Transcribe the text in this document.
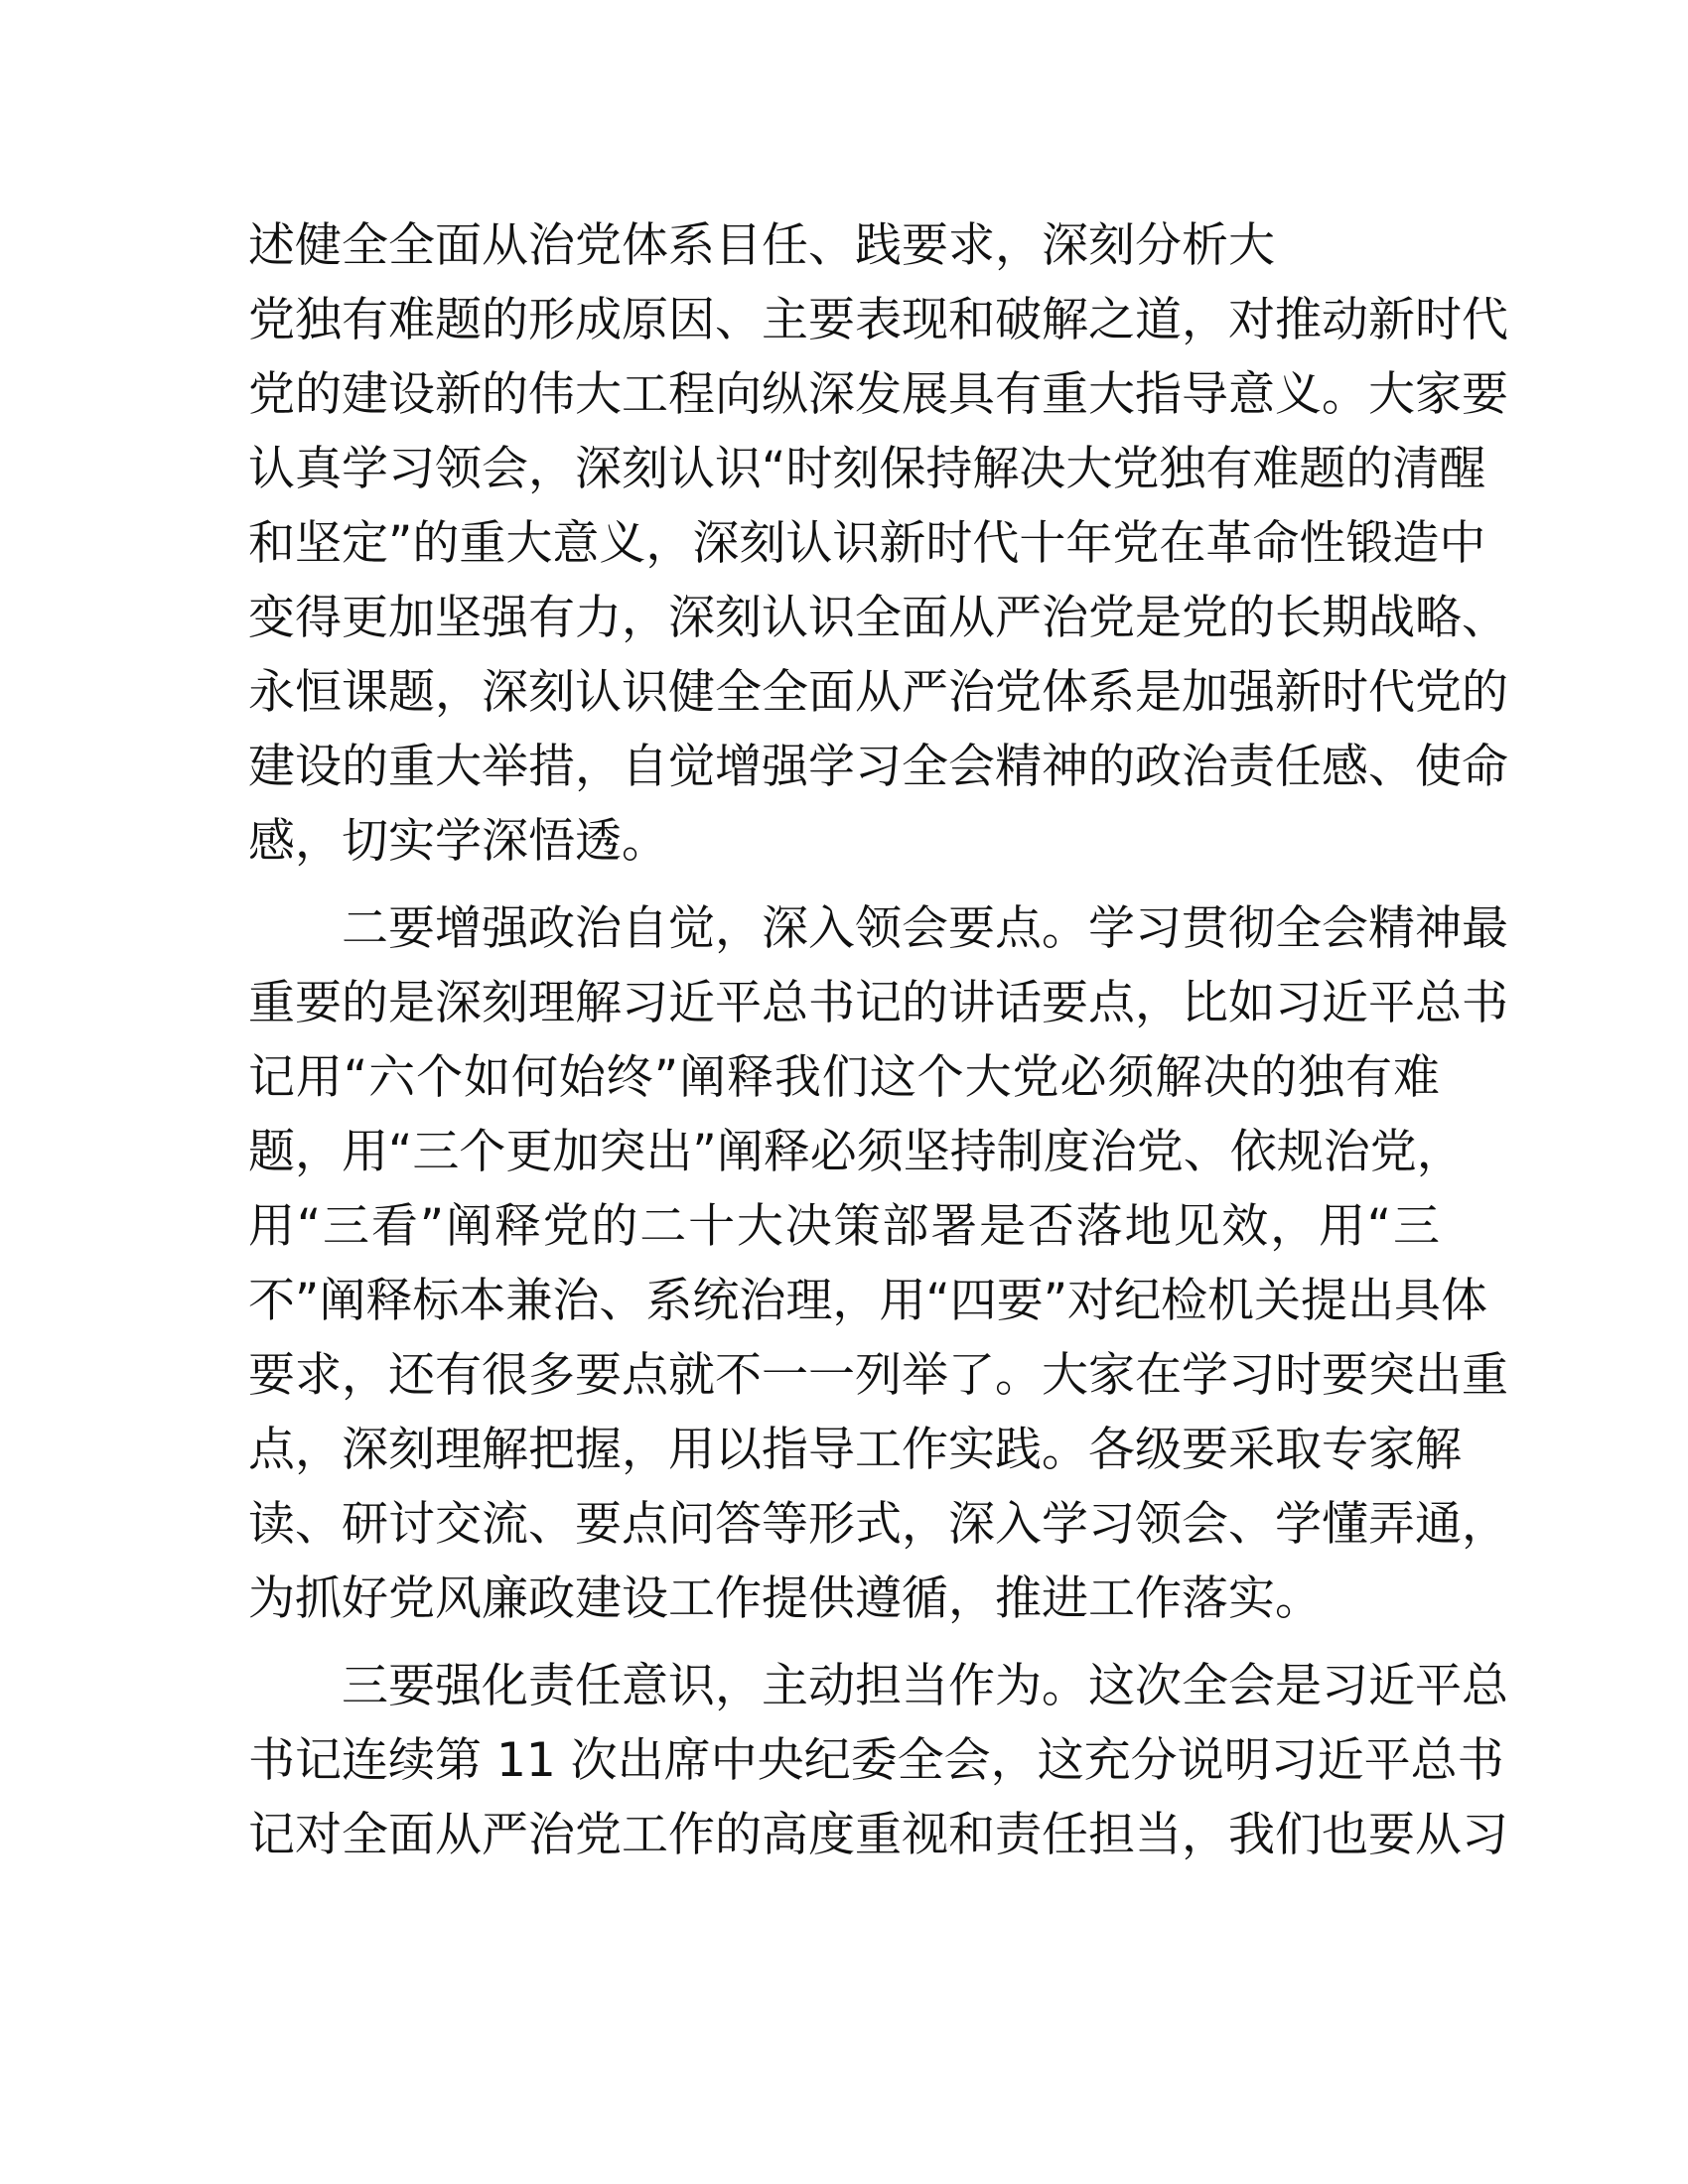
述健全全面从治党体系目任、践要求，深刻分析大
党独有难题的形成原因、主要表现和破解之道，对推动新时代
党的建设新的伟大工程向纵深发展具有重大指导意义。大家要
认真学习领会，深刻认识“时刻保持解决大党独有难题的清醒
和坚定”的重大意义，深刻认识新时代十年党在革命性锻造中
变得更加坚强有力，深刻认识全面从严治党是党的长期战略、
永恒课题，深刻认识健全全面从严治党体系是加强新时代党的
建设的重大举措，自觉增强学习全会精神的政治责任感、使命
感，切实学深悟透。
二要增强政治自觉，深入领会要点。学习贯彻全会精神最
重要的是深刻理解习近平总书记的讲话要点，比如习近平总书
记用“六个如何始终”阐释我们这个大党必须解决的独有难
题，用“三个更加突出”阐释必须坚持制度治党、依规治党，
用“三看”阐释党的二十大决策部署是否落地见效，用“三
不”阐释标本兼治、系统治理，用“四要”对纪检机关提出具体
要求，还有很多要点就不一一列举了。大家在学习时要突出重
点，深刻理解把握，用以指导工作实践。各级要采取专家解
读、研讨交流、要点问答等形式，深入学习领会、学懂弄通，
为抓好党风廉政建设工作提供遵循，推进工作落实。
三要强化责任意识，主动担当作为。这次全会是习近平总
书记连续第 11 次出席中央纪委全会，这充分说明习近平总书
记对全面从严治党工作的高度重视和责任担当，我们也要从习
